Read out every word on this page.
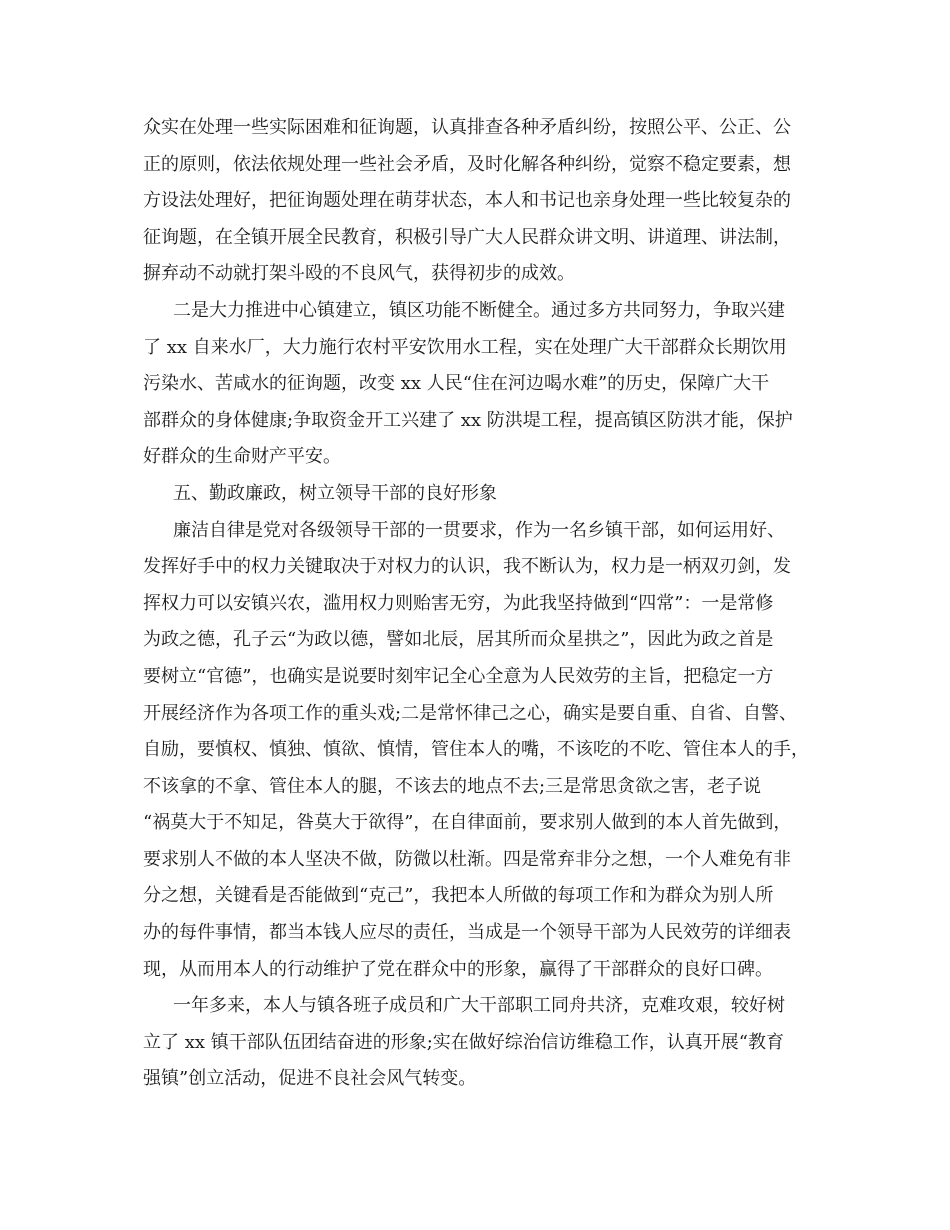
众实在处理一些实际困难和征询题，认真排查各种矛盾纠纷，按照公平、公正、公
正的原则，依法依规处理一些社会矛盾，及时化解各种纠纷，觉察不稳定要素，想
方设法处理好，把征询题处理在萌芽状态，本人和书记也亲身处理一些比较复杂的
征询题，在全镇开展全民教育，积极引导广大人民群众讲文明、讲道理、讲法制，
摒弃动不动就打架斗殴的不良风气，获得初步的成效。
二是大力推进中心镇建立，镇区功能不断健全。通过多方共同努力，争取兴建
了 xx 自来水厂，大力施行农村平安饮用水工程，实在处理广大干部群众长期饮用
污染水、苦咸水的征询题，改变 xx 人民“住在河边喝水难”的历史，保障广大干
部群众的身体健康;争取资金开工兴建了 xx 防洪堤工程，提高镇区防洪才能，保护
好群众的生命财产平安。
五、勤政廉政，树立领导干部的良好形象
廉洁自律是党对各级领导干部的一贯要求，作为一名乡镇干部，如何运用好、
发挥好手中的权力关键取决于对权力的认识，我不断认为，权力是一柄双刃剑，发
挥权力可以安镇兴农，滥用权力则贻害无穷，为此我坚持做到“四常”：一是常修
为政之德，孔子云“为政以德，譬如北辰，居其所而众星拱之”，因此为政之首是
要树立“官德”，也确实是说要时刻牢记全心全意为人民效劳的主旨，把稳定一方
开展经济作为各项工作的重头戏;二是常怀律己之心，确实是要自重、自省、自警、
自励，要慎权、慎独、慎欲、慎情，管住本人的嘴，不该吃的不吃、管住本人的手，
不该拿的不拿、管住本人的腿，不该去的地点不去;三是常思贪欲之害，老子说
“祸莫大于不知足，咎莫大于欲得”，在自律面前，要求别人做到的本人首先做到，
要求别人不做的本人坚决不做，防微以杜渐。四是常弃非分之想，一个人难免有非
分之想，关键看是否能做到“克己”，我把本人所做的每项工作和为群众为别人所
办的每件事情，都当本钱人应尽的责任，当成是一个领导干部为人民效劳的详细表
现，从而用本人的行动维护了党在群众中的形象，赢得了干部群众的良好口碑。
一年多来，本人与镇各班子成员和广大干部职工同舟共济，克难攻艰，较好树
立了 xx 镇干部队伍团结奋进的形象;实在做好综治信访维稳工作，认真开展“教育
强镇”创立活动，促进不良社会风气转变。
